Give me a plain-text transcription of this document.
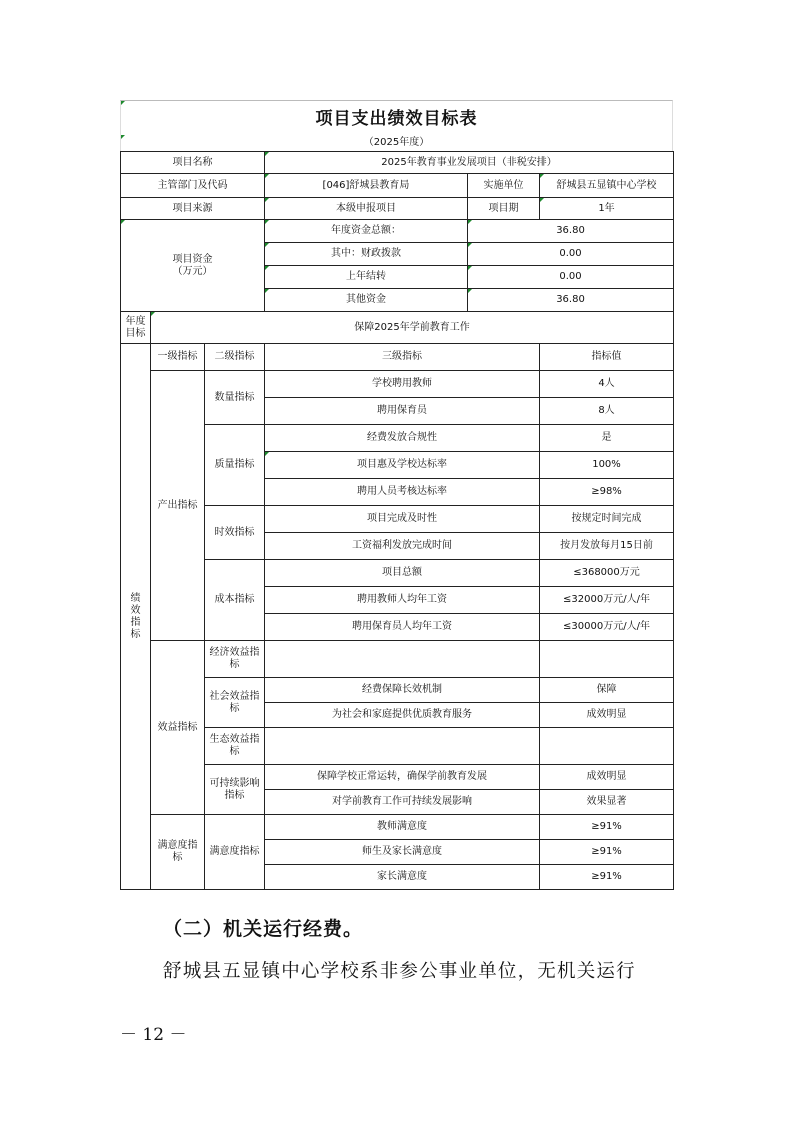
项目支出绩效目标表
（2025年度）
项目名称			2025年教育事业发展项目（非税安排）		
主管部门及代码			[046]舒城县教育局	实施单位	舒城县五显镇中心学校
项目来源			本级申报项目	项目期	1年
项目资金
（万元）			年度资金总额：	36.80	
			其中：财政拨款	0.00	
			上年结转	0.00	
			其他资金	36.80	
年度
目标	保障2025年学前教育工作				
绩
效
指
标	一级指标	二级指标	三级指标		指标值
	产出指标	数量指标	学校聘用教师		4人
			聘用保育员		8人
		质量指标	经费发放合规性		是
			项目惠及学校达标率		100%
			聘用人员考核达标率		≥98%
		时效指标	项目完成及时性		按规定时间完成
			工资福利发放完成时间		按月发放每月15日前
		成本指标	项目总额		≤368000万元
			聘用教师人均年工资		≤32000万元/人/年
			聘用保育员人均年工资		≤30000万元/人/年
	效益指标	经济效益指
标			
		社会效益指
标	经费保障长效机制		保障
			为社会和家庭提供优质教育服务		成效明显
		生态效益指
标			
		可持续影响
指标	保障学校正常运转，确保学前教育发展		成效明显
			对学前教育工作可持续发展影响		效果显著
	满意度指
标	满意度指标	教师满意度		≥91%
			师生及家长满意度		≥91%
			家长满意度		≥91%
（二）机关运行经费。
舒城县五显镇中心学校系非参公事业单位，无机关运行
－ 12 －
